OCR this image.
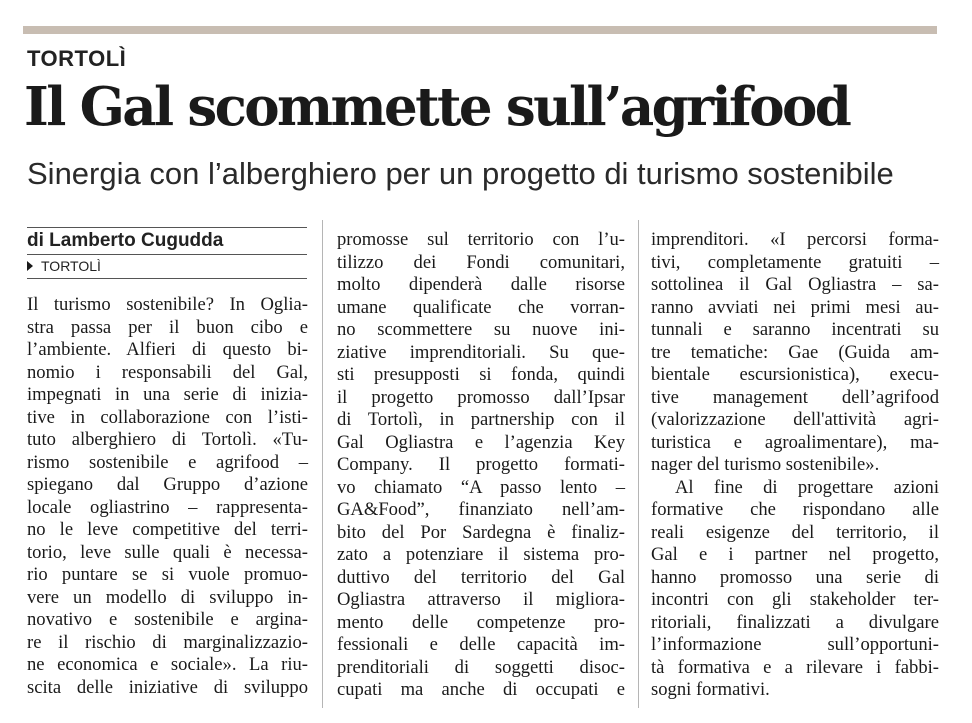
TORTOLÌ
Il Gal scommette sull’agrifood
Sinergia con l’alberghiero per un progetto di turismo sostenibile
di Lamberto Cugudda
TORTOLÌ
Il turismo sostenibile? In Oglia-
stra passa per il buon cibo e
l’ambiente. Alfieri di questo bi-
nomio i responsabili del Gal,
impegnati in una serie di inizia-
tive in collaborazione con l’isti-
tuto alberghiero di Tortolì. «Tu-
rismo sostenibile e agrifood –
spiegano dal Gruppo d’azione
locale ogliastrino – rappresenta-
no le leve competitive del terri-
torio, leve sulle quali è necessa-
rio puntare se si vuole promuo-
vere un modello di sviluppo in-
novativo e sostenibile e argina-
re il rischio di marginalizzazio-
ne economica e sociale». La riu-
scita delle iniziative di sviluppo
promosse sul territorio con l’u-
tilizzo dei Fondi comunitari,
molto dipenderà dalle risorse
umane qualificate che vorran-
no scommettere su nuove ini-
ziative imprenditoriali. Su que-
sti presupposti si fonda, quindi
il progetto promosso dall’Ipsar
di Tortolì, in partnership con il
Gal Ogliastra e l’agenzia Key
Company. Il progetto formati-
vo chiamato “A passo lento –
GA&Food”, finanziato nell’am-
bito del Por Sardegna è finaliz-
zato a potenziare il sistema pro-
duttivo del territorio del Gal
Ogliastra attraverso il migliora-
mento delle competenze pro-
fessionali e delle capacità im-
prenditoriali di soggetti disoc-
cupati ma anche di occupati e
imprenditori. «I percorsi forma-
tivi, completamente gratuiti –
sottolinea il Gal Ogliastra – sa-
ranno avviati nei primi mesi au-
tunnali e saranno incentrati su
tre tematiche: Gae (Guida am-
bientale escursionistica), execu-
tive management dell’agrifood
(valorizzazione dell'attività agri-
turistica e agroalimentare), ma-
nager del turismo sostenibile».
Al fine di progettare azioni
formative che rispondano alle
reali esigenze del territorio, il
Gal e i partner nel progetto,
hanno promosso una serie di
incontri con gli stakeholder ter-
ritoriali, finalizzati a divulgare
l’informazione sull’opportuni-
tà formativa e a rilevare i fabbi-
sogni formativi.
